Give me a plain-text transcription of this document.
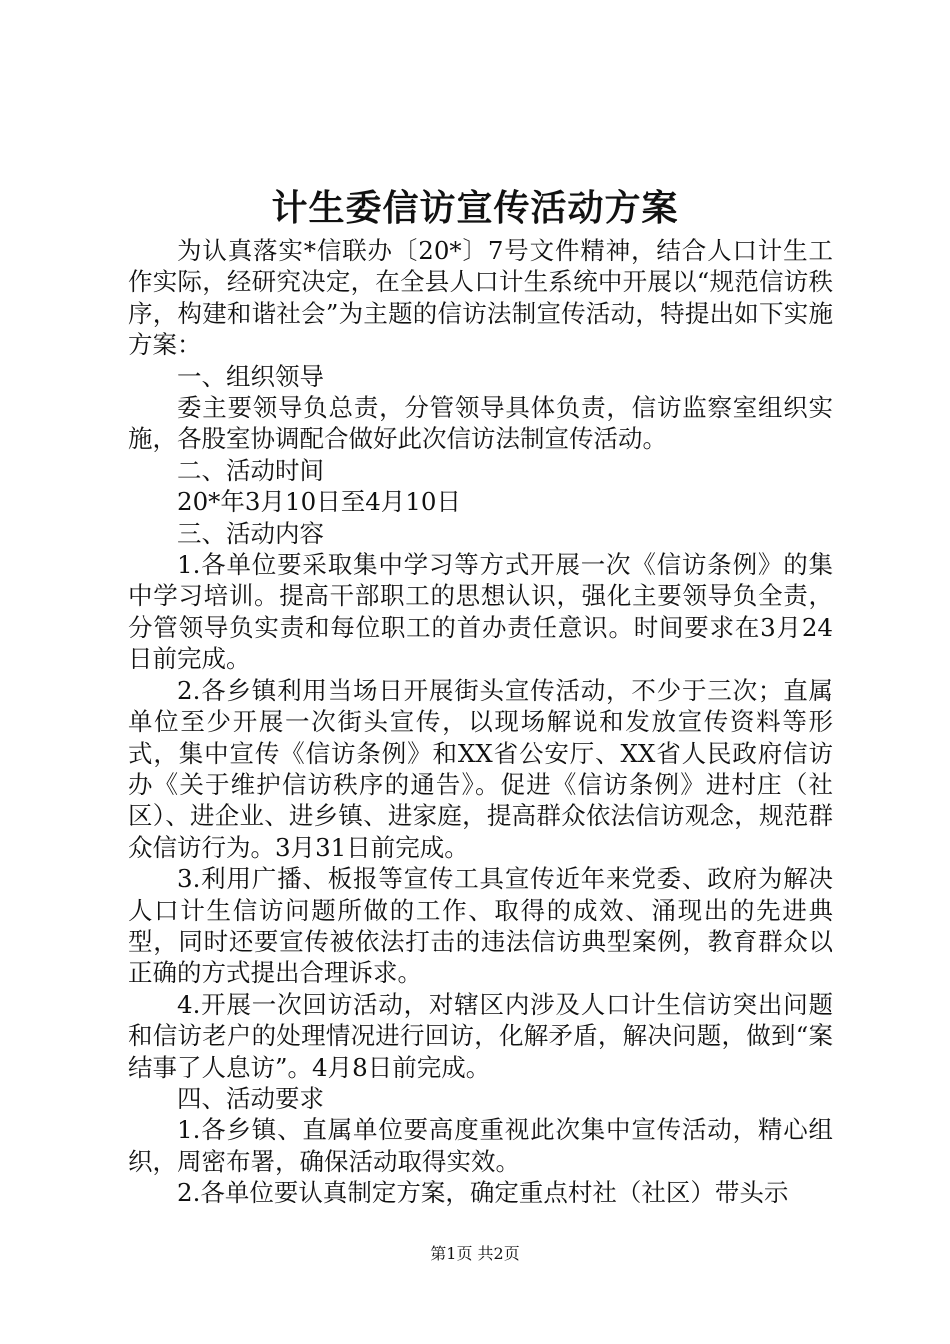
计生委信访宣传活动方案

为认真落实*信联办〔20*〕7号文件精神，结合人口计生工作实际，经研究决定，在全县人口计生系统中开展以“规范信访秩序，构建和谐社会”为主题的信访法制宣传活动，特提出如下实施方案：

一、组织领导

委主要领导负总责，分管领导具体负责，信访监察室组织实施，各股室协调配合做好此次信访法制宣传活动。

二、活动时间

20*年3月10日至4月10日

三、活动内容

1.各单位要采取集中学习等方式开展一次《信访条例》的集中学习培训。提高干部职工的思想认识，强化主要领导负全责，分管领导负实责和每位职工的首办责任意识。时间要求在3月24日前完成。

2.各乡镇利用当场日开展街头宣传活动，不少于三次；直属单位至少开展一次街头宣传，以现场解说和发放宣传资料等形式，集中宣传《信访条例》和XX省公安厅、XX省人民政府信访办《关于维护信访秩序的通告》。促进《信访条例》进村庄（社区）、进企业、进乡镇、进家庭，提高群众依法信访观念，规范群众信访行为。3月31日前完成。

3.利用广播、板报等宣传工具宣传近年来党委、政府为解决人口计生信访问题所做的工作、取得的成效、涌现出的先进典型，同时还要宣传被依法打击的违法信访典型案例，教育群众以正确的方式提出合理诉求。

4.开展一次回访活动，对辖区内涉及人口计生信访突出问题和信访老户的处理情况进行回访，化解矛盾，解决问题，做到“案结事了人息访”。4月8日前完成。

四、活动要求

1.各乡镇、直属单位要高度重视此次集中宣传活动，精心组织，周密布署，确保活动取得实效。

2.各单位要认真制定方案，确定重点村社（社区）带头示

第1页 共2页
